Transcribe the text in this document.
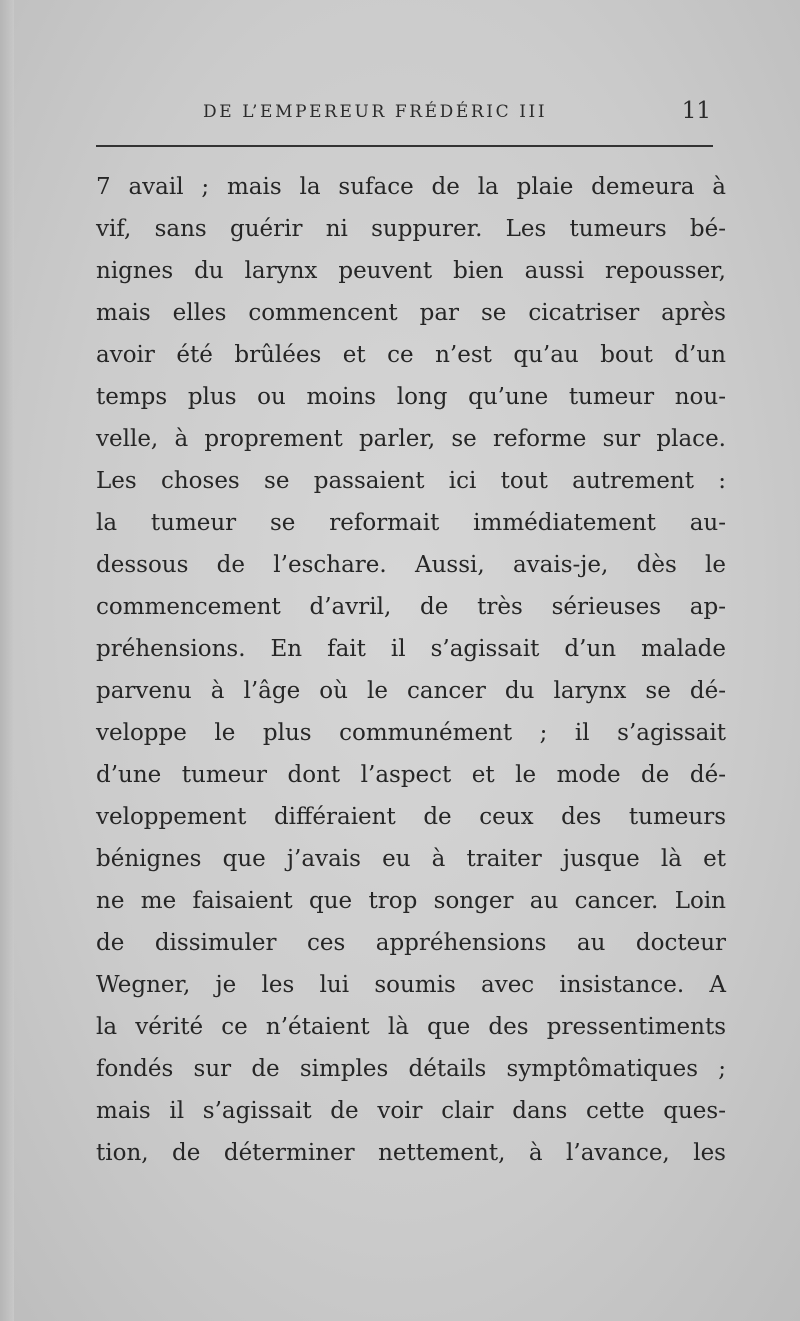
DE L’EMPEREUR FRÉDÉRIC III	11
7 avail ; mais la suface de la plaie demeura à
vif, sans guérir ni suppurer. Les tumeurs bé-
nignes du larynx peuvent bien aussi repousser,
mais elles commencent par se cicatriser après
avoir été brûlées et ce n’est qu’au bout d’un
temps plus ou moins long qu’une tumeur nou-
velle, à proprement parler, se reforme sur place.
Les choses se passaient ici tout autrement :
la tumeur se reformait immédiatement au-
dessous de l’eschare. Aussi, avais-je, dès le
commencement d’avril, de très sérieuses ap-
préhensions. En fait il s’agissait d’un malade
parvenu à l’âge où le cancer du larynx se dé-
veloppe le plus communément ; il s’agissait
d’une tumeur dont l’aspect et le mode de dé-
veloppement différaient de ceux des tumeurs
bénignes que j’avais eu à traiter jusque là et
ne me faisaient que trop songer au cancer. Loin
de dissimuler ces appréhensions au docteur
Wegner, je les lui soumis avec insistance. A
la vérité ce n’étaient là que des pressentiments
fondés sur de simples détails symptômatiques ;
mais il s’agissait de voir clair dans cette ques-
tion, de déterminer nettement, à l’avance, les
